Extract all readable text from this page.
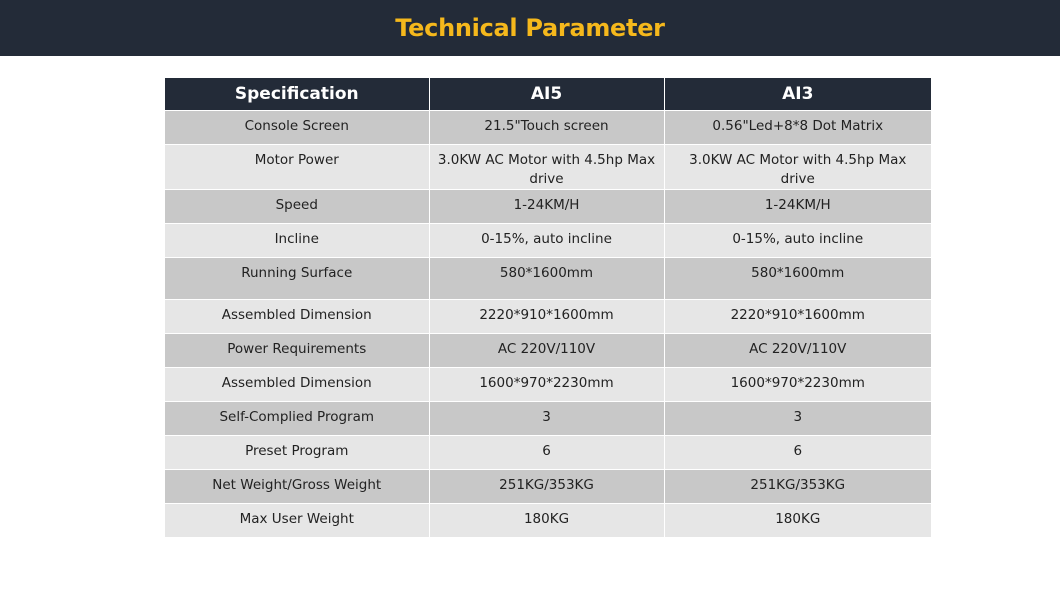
Technical Parameter
Specification	AI5	AI3
Console Screen	21.5"Touch screen	0.56"Led+8*8 Dot Matrix
Motor Power	3.0KW AC Motor with 4.5hp Max drive	3.0KW AC Motor with 4.5hp Max drive
Speed	1-24KM/H	1-24KM/H
Incline	0-15%, auto incline	0-15%, auto incline
Running Surface	580*1600mm	580*1600mm
Assembled Dimension	2220*910*1600mm	2220*910*1600mm
Power Requirements	AC 220V/110V	AC 220V/110V
Assembled Dimension	1600*970*2230mm	1600*970*2230mm
Self-Complied Program	3	3
Preset Program	6	6
Net Weight/Gross Weight	251KG/353KG	251KG/353KG
Max User Weight	180KG	180KG
